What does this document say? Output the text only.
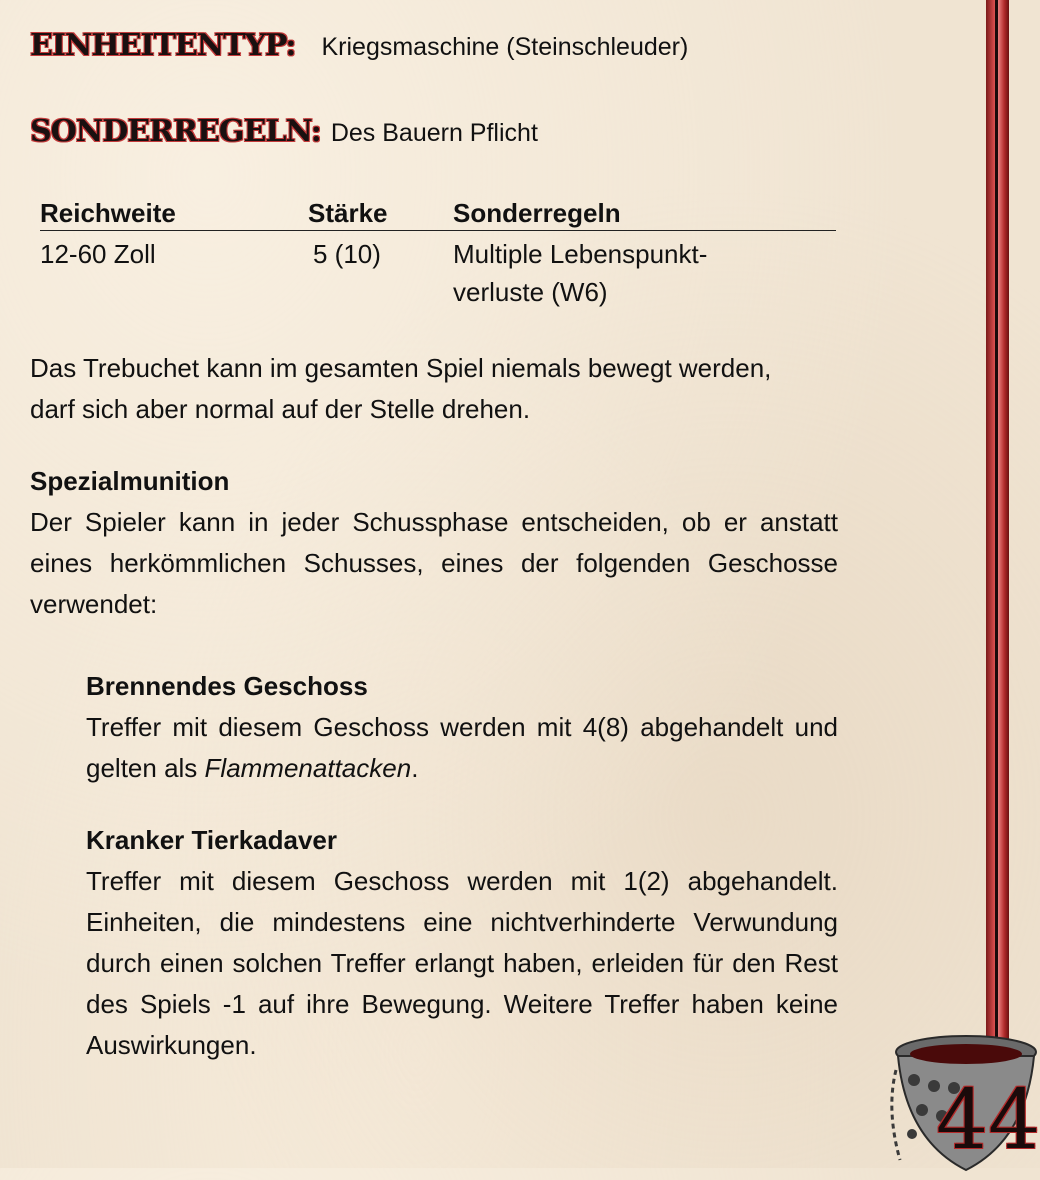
EINHEITENTYP: Kriegsmaschine (Steinschleuder)
SONDERREGELN: Des Bauern Pflicht
Reichweite	Stärke	Sonderregeln
12-60 Zoll	5 (10)	Multiple Lebenspunkt-
verluste (W6)
Das Trebuchet kann im gesamten Spiel niemals bewegt werden,
darf sich aber normal auf der Stelle drehen.
Spezialmunition
Der Spieler kann in jeder Schussphase entscheiden, ob er anstatt eines herkömmlichen Schusses, eines der folgenden Geschosse verwendet:
Brennendes Geschoss
Treffer mit diesem Geschoss werden mit 4(8) abgehandelt und gelten als Flammenattacken.
Kranker Tierkadaver
Treffer mit diesem Geschoss werden mit 1(2) abgehandelt. Einheiten, die mindestens eine nichtverhinderte Verwundung durch einen solchen Treffer erlangt haben, erleiden für den Rest des Spiels -1 auf ihre Bewegung. Weitere Treffer haben keine Auswirkungen.
44
